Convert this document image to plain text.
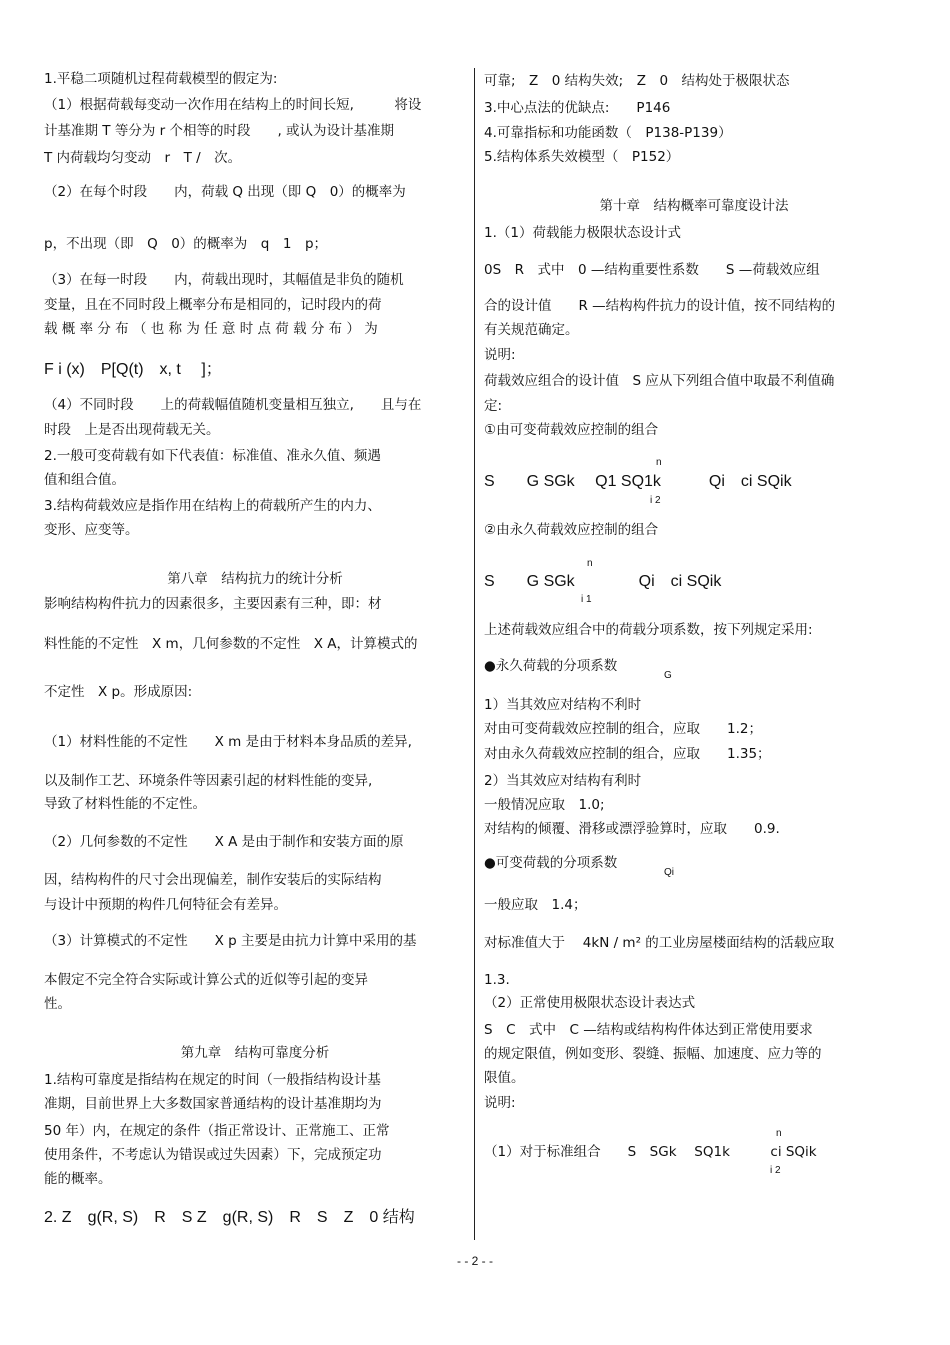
1.平稳二项随机过程荷载模型的假定为:
（1）根据荷载每变动一次作用在结构上的时间长短,　　　将设
计基准期 T 等分为 r 个相等的时段　　, 或认为设计基准期
T 内荷载均匀变动　r　T /　次。
（2）在每个时段　　内，荷载 Q 出现（即 Q　0）的概率为
p，不出现（即　Q　0）的概率为　q　1　p；
（3）在每一时段　　内，荷载出现时，其幅值是非负的随机
变量，且在不同时段上概率分布是相同的，记时段内的荷
载 概 率 分 布 （ 也 称 为 任 意 时 点 荷 载 分 布 ） 为
F i (x)　P[Q(t)　x, t　 ]；
（4）不同时段　　上的荷载幅值随机变量相互独立,　　且与在
时段　上是否出现荷载无关。
2.一般可变荷载有如下代表值：标准值、准永久值、频遇
值和组合值。
3.结构荷载效应是指作用在结构上的荷载所产生的内力、
变形、应变等。
第八章　结构抗力的统计分析
影响结构构件抗力的因素很多，主要因素有三种，即：材
料性能的不定性　X m，几何参数的不定性　X A，计算模式的
不定性　X p。形成原因:
（1）材料性能的不定性　　X m 是由于材料本身品质的差异,
以及制作工艺、环境条件等因素引起的材料性能的变异,
导致了材料性能的不定性。
（2）几何参数的不定性　　X A 是由于制作和安装方面的原
因，结构构件的尺寸会出现偏差，制作安装后的实际结构
与设计中预期的构件几何特征会有差异。
（3）计算模式的不定性　　X p 主要是由抗力计算中采用的基
本假定不完全符合实际或计算公式的近似等引起的变异
性。
第九章　结构可靠度分析
1.结构可靠度是指结构在规定的时间（一般指结构设计基
准期，目前世界上大多数国家普通结构的设计基准期均为
50 年）内，在规定的条件（指正常设计、正常施工、正常
使用条件，不考虑认为错误或过失因素）下，完成预定功
能的概率。
2. Z　g(R, S)　R　S Z　g(R, S)　R　S　Z　0 结构
可靠;　Z　0 结构失效;　Z　0　结构处于极限状态
3.中心点法的优缺点:　　P146
4.可靠指标和功能函数（　P138-P139）
5.结构体系失效模型（　P152）
第十章　结构概率可靠度设计法
1.（1）荷载能力极限状态设计式
0S　R　式中　0 —结构重要性系数　　S —荷载效应组
合的设计值　　R —结构构件抗力的设计值，按不同结构的
有关规范确定。
说明:
荷载效应组合的设计值　S 应从下列组合值中取最不利值确
定:
①由可变荷载效应控制的组合
n
S　　G SGk　 Q1 SQ1k　　　Qi　ci SQik
i 2
②由永久荷载效应控制的组合
n
S　　G SGk　　　　Qi　ci SQik
i 1
上述荷载效应组合中的荷载分项系数，按下列规定采用:
●永久荷载的分项系数
G
1）当其效应对结构不利时
对由可变荷载效应控制的组合，应取　　1.2；
对由永久荷载效应控制的组合，应取　　1.35；
2）当其效应对结构有利时
一般情况应取　1.0;
对结构的倾覆、滑移或漂浮验算时，应取　　0.9.
●可变荷载的分项系数
Qi
一般应取　1.4；
对标准值大于　 4kN / m² 的工业房屋楼面结构的活载应取
1.3.
（2）正常使用极限状态设计表达式
S　C　式中　C —结构或结构构件体达到正常使用要求
的规定限值，例如变形、裂缝、振幅、加速度、应力等的
限值。
说明:
n
（1）对于标准组合　　S　SGk　 SQ1k　　　ci SQik
i 2
- - 2 - -
